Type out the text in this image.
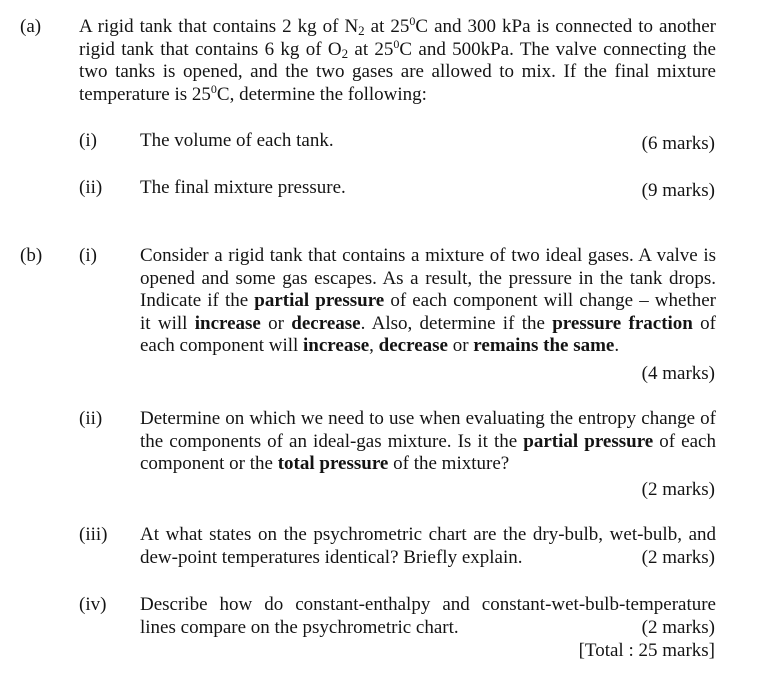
(a) A rigid tank that contains 2 kg of $N_2$ at $25^0C$ and 300 kPa is connected to another rigid tank that contains 6 kg of $O_2$ at $25^0C$ and 500kPa. The valve connecting the two tanks is opened, and the two gases are allowed to mix. If the final mixture temperature is $25^0C$, determine the following:
(i) The volume of each tank.	(6 marks)
(ii) The final mixture pressure.	(9 marks)
(b) (i) Consider a rigid tank that contains a mixture of two ideal gases. A valve is opened and some gas escapes. As a result, the pressure in the tank drops. Indicate if the partial pressure of each component will change – whether it will increase or decrease. Also, determine if the pressure fraction of each component will increase, decrease or remains the same.
(4 marks)
(ii) Determine on which we need to use when evaluating the entropy change of the components of an ideal-gas mixture. Is it the partial pressure of each component or the total pressure of the mixture?
(2 marks)
(iii) At what states on the psychrometric chart are the dry-bulb, wet-bulb, and dew-point temperatures identical? Briefly explain.	(2 marks)
(iv) Describe how do constant-enthalpy and constant-wet-bulb-temperature lines compare on the psychrometric chart.	(2 marks)
[Total : 25 marks]
